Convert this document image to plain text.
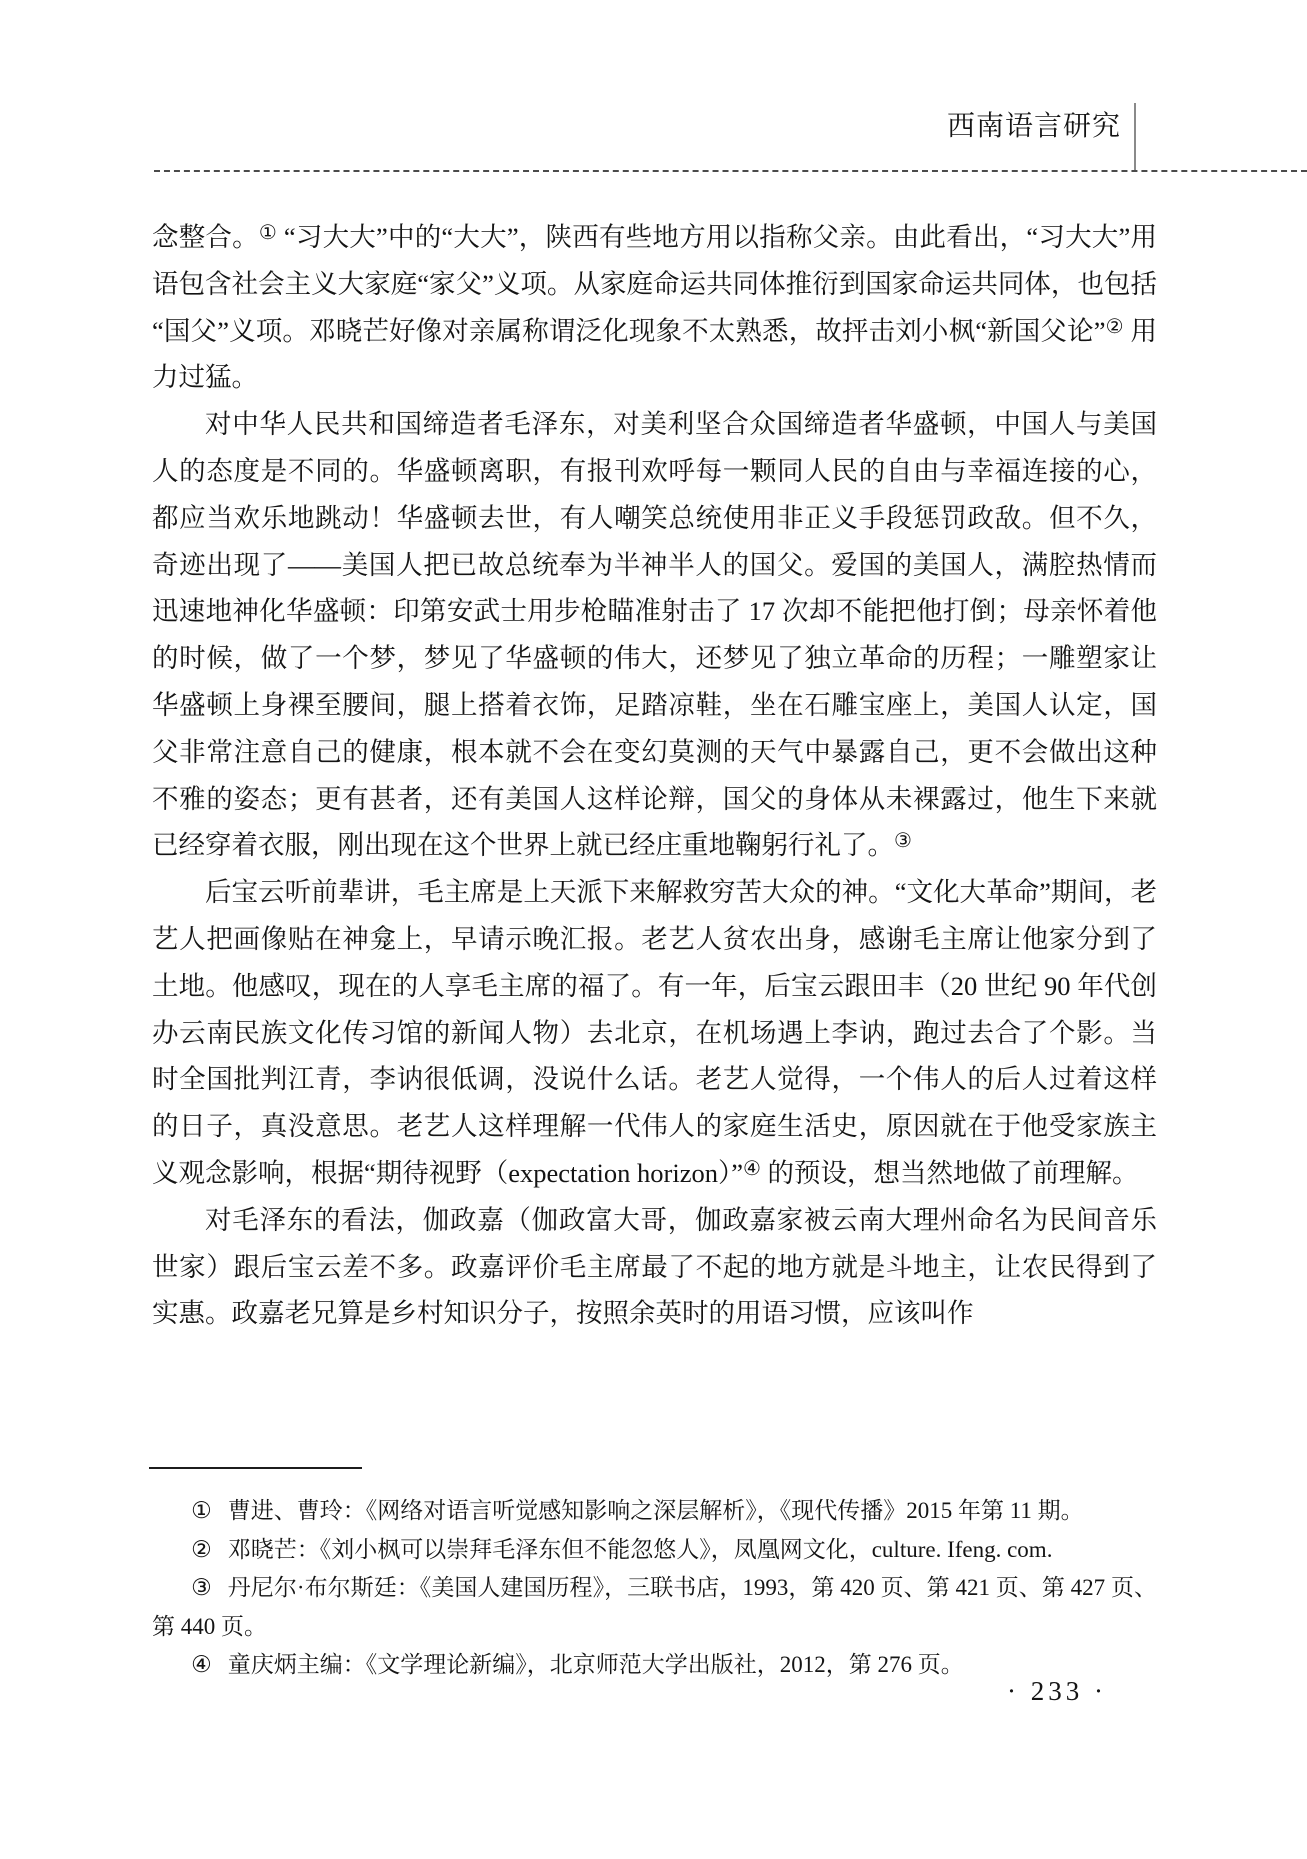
西南语言研究

念整合。① “习大大”中的“大大”，陕西有些地方用以指称父亲。由此看出，“习大大”用语包含社会主义大家庭“家父”义项。从家庭命运共同体推衍到国家命运共同体，也包括“国父”义项。邓晓芒好像对亲属称谓泛化现象不太熟悉，故抨击刘小枫“新国父论”② 用力过猛。

对中华人民共和国缔造者毛泽东，对美利坚合众国缔造者华盛顿，中国人与美国人的态度是不同的。华盛顿离职，有报刊欢呼每一颗同人民的自由与幸福连接的心，都应当欢乐地跳动！华盛顿去世，有人嘲笑总统使用非正义手段惩罚政敌。但不久，奇迹出现了——美国人把已故总统奉为半神半人的国父。爱国的美国人，满腔热情而迅速地神化华盛顿：印第安武士用步枪瞄准射击了 17 次却不能把他打倒；母亲怀着他的时候，做了一个梦，梦见了华盛顿的伟大，还梦见了独立革命的历程；一雕塑家让华盛顿上身裸至腰间，腿上搭着衣饰，足踏凉鞋，坐在石雕宝座上，美国人认定，国父非常注意自己的健康，根本就不会在变幻莫测的天气中暴露自己，更不会做出这种不雅的姿态；更有甚者，还有美国人这样论辩，国父的身体从未裸露过，他生下来就已经穿着衣服，刚出现在这个世界上就已经庄重地鞠躬行礼了。③

后宝云听前辈讲，毛主席是上天派下来解救穷苦大众的神。“文化大革命”期间，老艺人把画像贴在神龛上，早请示晚汇报。老艺人贫农出身，感谢毛主席让他家分到了土地。他感叹，现在的人享毛主席的福了。有一年，后宝云跟田丰（20 世纪 90 年代创办云南民族文化传习馆的新闻人物）去北京，在机场遇上李讷，跑过去合了个影。当时全国批判江青，李讷很低调，没说什么话。老艺人觉得，一个伟人的后人过着这样的日子，真没意思。老艺人这样理解一代伟人的家庭生活史，原因就在于他受家族主义观念影响，根据“期待视野（expectation horizon）”④ 的预设，想当然地做了前理解。

对毛泽东的看法，伽政嘉（伽政富大哥，伽政嘉家被云南大理州命名为民间音乐世家）跟后宝云差不多。政嘉评价毛主席最了不起的地方就是斗地主，让农民得到了实惠。政嘉老兄算是乡村知识分子，按照余英时的用语习惯，应该叫作

① 曹进、曹玲：《网络对语言听觉感知影响之深层解析》，《现代传播》2015 年第 11 期。

② 邓晓芒：《刘小枫可以崇拜毛泽东但不能忽悠人》，凤凰网文化，culture. Ifeng. com.

③ 丹尼尔·布尔斯廷：《美国人建国历程》，三联书店，1993，第 420 页、第 421 页、第 427 页、第 440 页。

④ 童庆炳主编：《文学理论新编》，北京师范大学出版社，2012，第 276 页。

· 233 ·
